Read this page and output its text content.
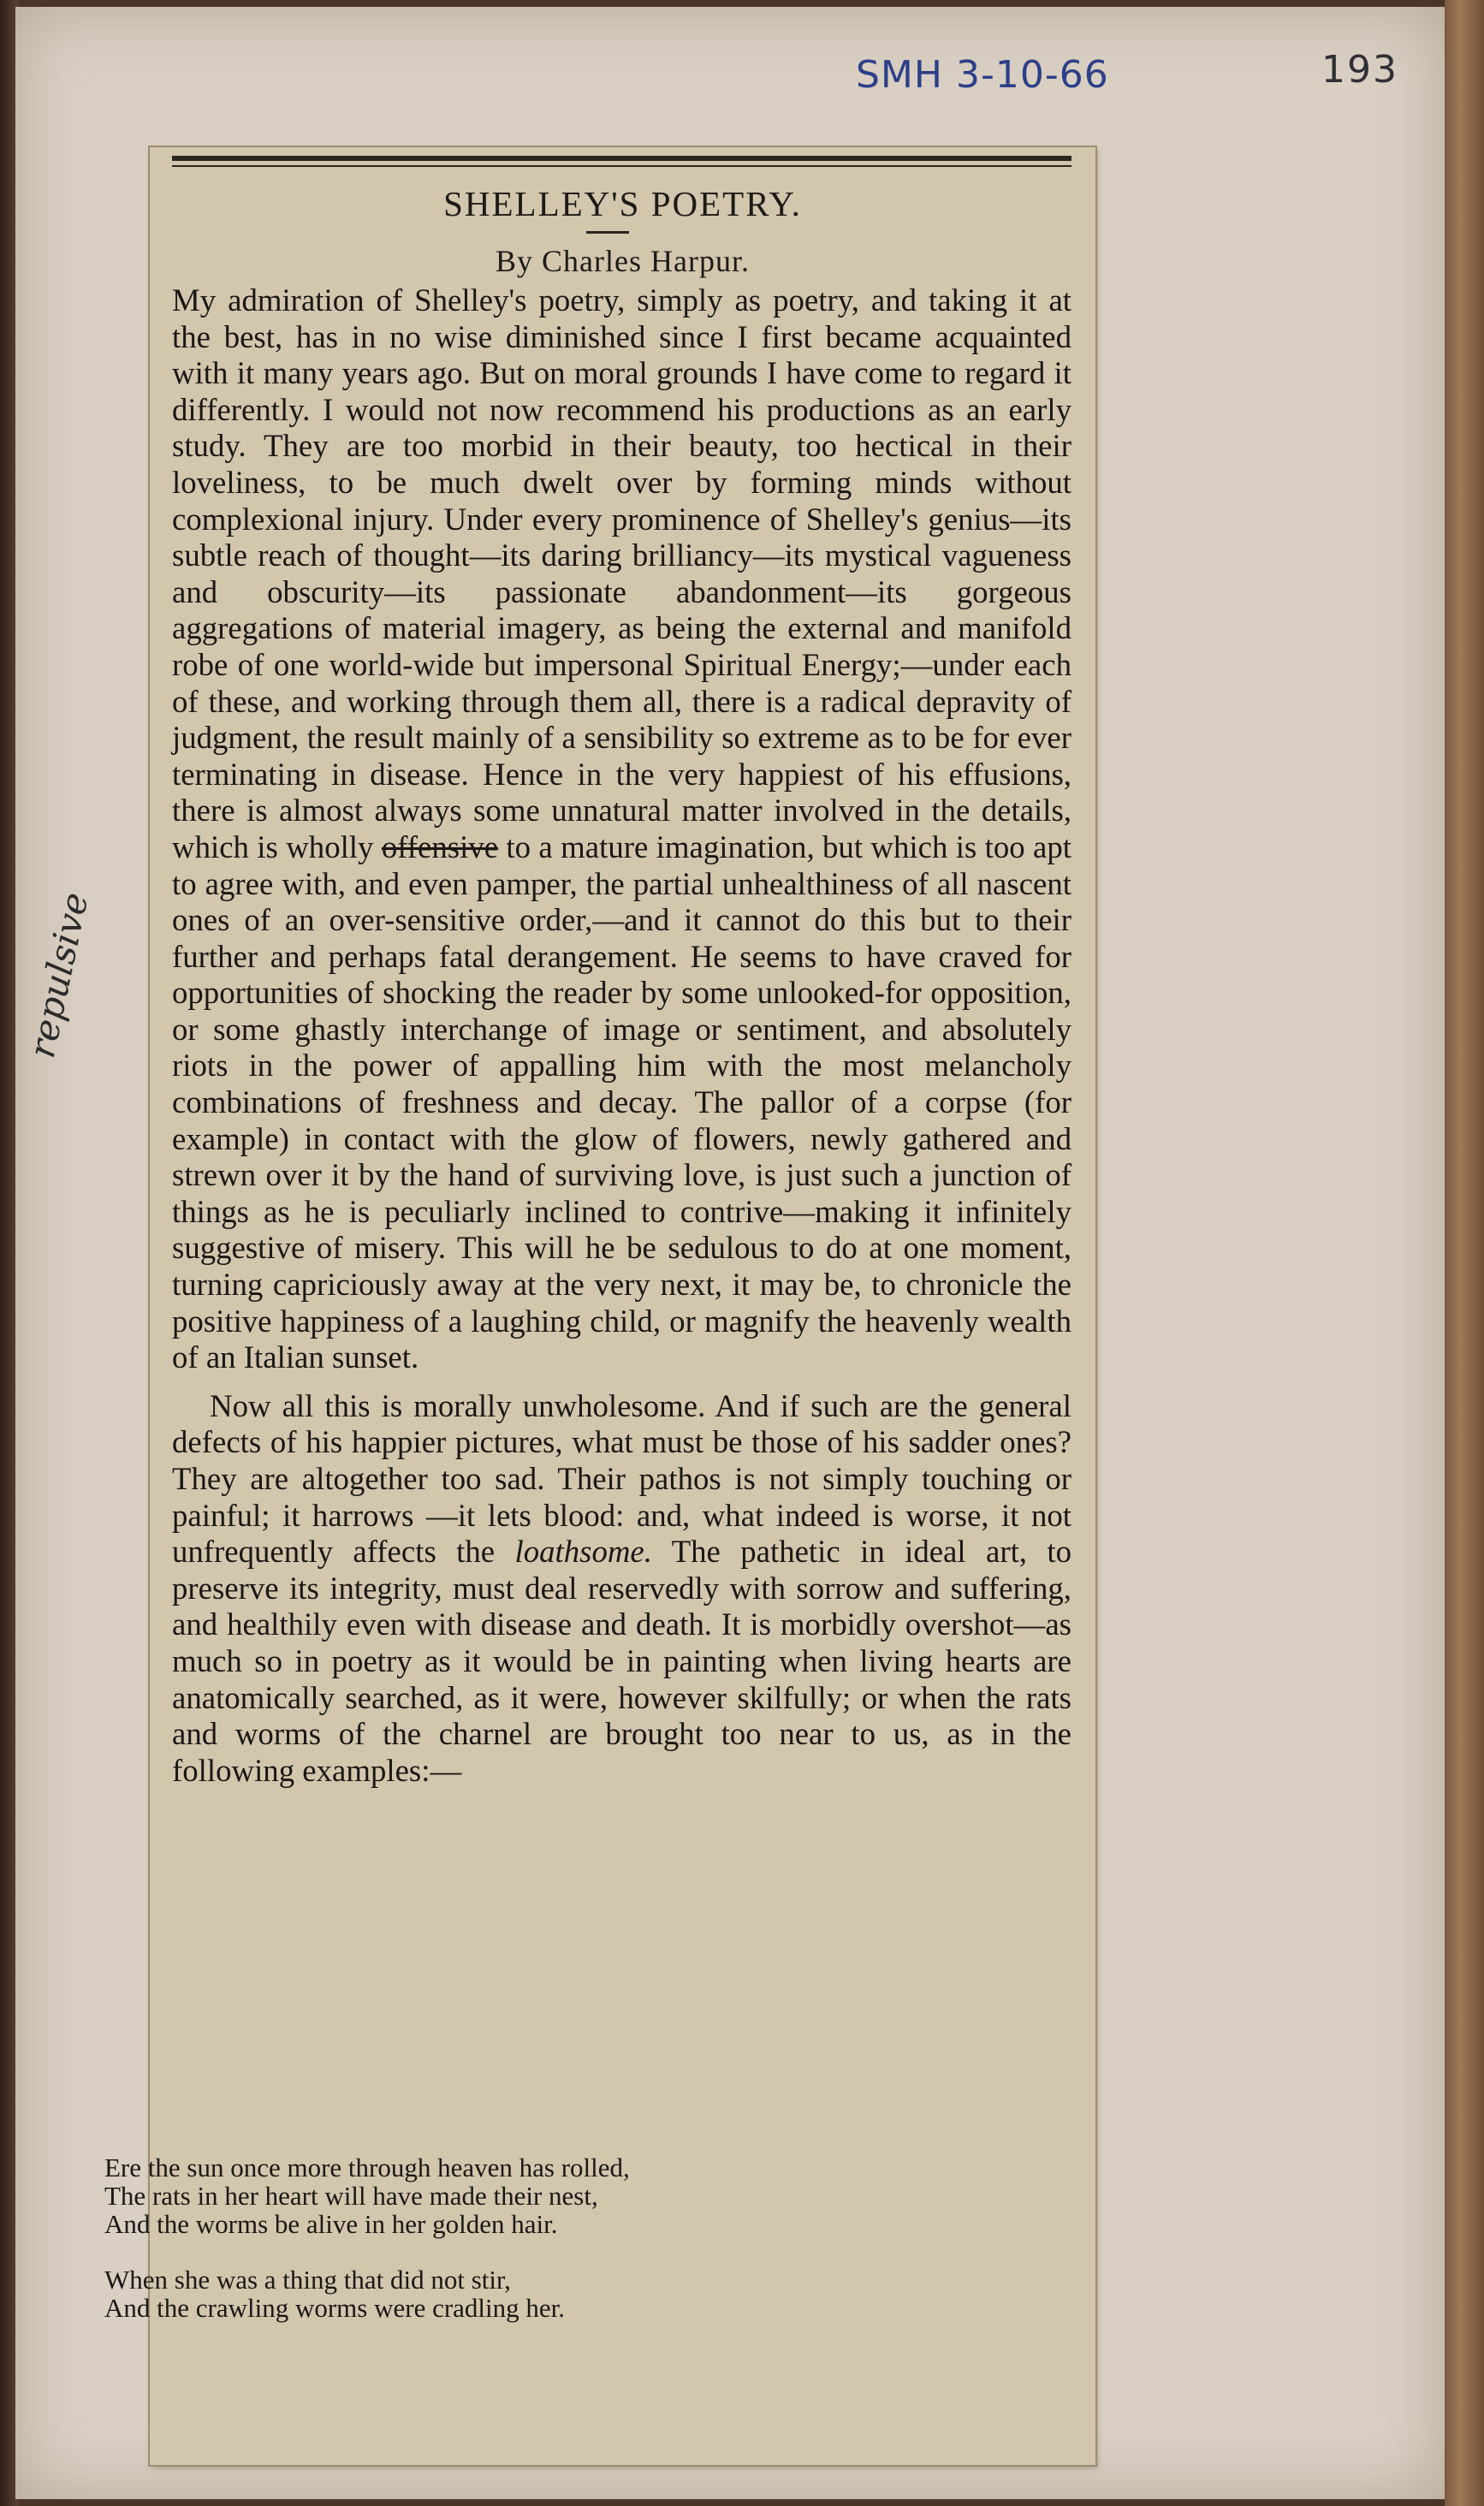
193
SMH 3-10-66
repulsive
SHELLEY'S POETRY.
By Charles Harpur.

My admiration of Shelley's poetry, simply as poetry, and taking it at the best, has in no wise diminished since I first became acquainted with it many years ago. But on moral grounds I have come to regard it differently. I would not now recommend his productions as an early study. They are too morbid in their beauty, too hectical in their loveliness, to be much dwelt over by forming minds without complexional injury. Under every prominence of Shelley's genius—its subtle reach of thought—its daring brilliancy—its mystical vagueness and obscurity—its passionate abandonment—its gorgeous aggregations of material imagery, as being the external and manifold robe of one world-wide but impersonal Spiritual Energy;—under each of these, and working through them all, there is a radical depravity of judgment, the result mainly of a sensibility so extreme as to be for ever terminating in disease. Hence in the very happiest of his effusions, there is almost always some unnatural matter involved in the details, which is wholly offensive to a mature imagination, but which is too apt to agree with, and even pamper, the partial unhealthiness of all nascent ones of an over-sensitive order,—and it cannot do this but to their further and perhaps fatal derangement. He seems to have craved for opportunities of shocking the reader by some unlooked-for opposition, or some ghastly interchange of image or sentiment, and absolutely riots in the power of appalling him with the most melancholy combinations of freshness and decay. The pallor of a corpse (for example) in contact with the glow of flowers, newly gathered and strewn over it by the hand of surviving love, is just such a junction of things as he is peculiarly inclined to contrive—making it infinitely suggestive of misery. This will he be sedulous to do at one moment, turning capriciously away at the very next, it may be, to chronicle the positive happiness of a laughing child, or magnify the heavenly wealth of an Italian sunset.

Now all this is morally unwholesome. And if such are the general defects of his happier pictures, what must be those of his sadder ones? They are altogether too sad. Their pathos is not simply touching or painful; it harrows —it lets blood: and, what indeed is worse, it not unfrequently affects the loathsome. The pathetic in ideal art, to preserve its integrity, must deal reservedly with sorrow and suffering, and healthily even with disease and death. It is morbidly overshot—as much so in poetry as it would be in painting when living hearts are anatomically searched, as it were, however skilfully; or when the rats and worms of the charnel are brought too near to us, as in the following examples:—

Ere the sun once more through heaven has rolled,
The rats in her heart will have made their nest,
And the worms be alive in her golden hair.
When she was a thing that did not stir,
And the crawling worms were cradling her.
